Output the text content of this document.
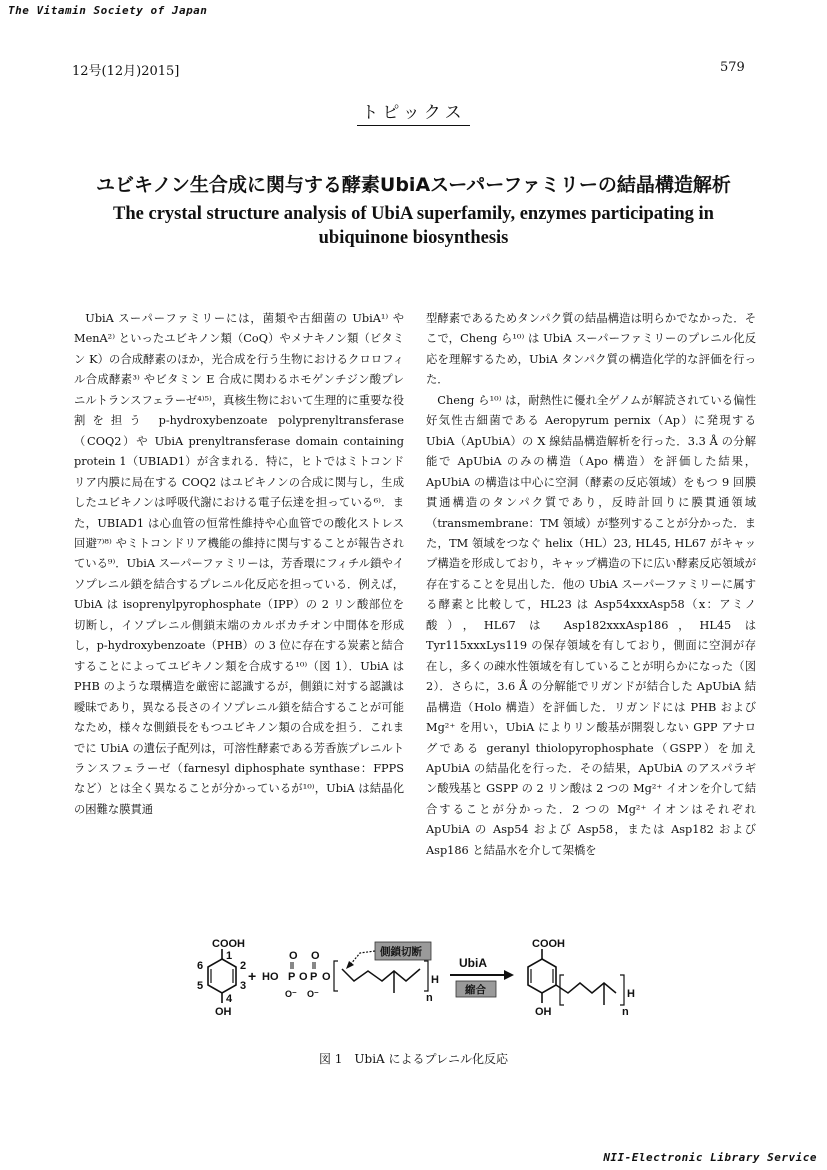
The Vitamin Society of Japan
12号(12月)2015]	579
トピックス
ユビキノン生合成に関与する酵素UbiAスーパーファミリーの結晶構造解析
The crystal structure analysis of UbiA superfamily, enzymes participating in ubiquinone biosynthesis

UbiA スーパーファミリーには，菌類や古細菌の UbiA¹⁾ や MenA²⁾ といったユビキノン類（CoQ）やメナキノン類（ビタミン K）の合成酵素のほか，光合成を行う生物におけるクロロフィル合成酵素³⁾ やビタミン E 合成に関わるホモゲンチジン酸プレニルトランスフェラーゼ⁴⁾⁵⁾，真核生物において生理的に重要な役割を担う p-hydroxybenzoate polyprenyltransferase（COQ2）や UbiA prenyltransferase domain containing protein 1（UBIAD1）が含まれる．特に，ヒトではミトコンドリア内膜に局在する COQ2 はユビキノンの合成に関与し，生成したユビキノンは呼吸代謝における電子伝達を担っている⁶⁾．また，UBIAD1 は心血管の恒常性維持や心血管での酸化ストレス回避⁷⁾⁸⁾ やミトコンドリア機能の維持に関与することが報告されている⁹⁾．UbiA スーパーファミリーは，芳香環にフィチル鎖やイソプレニル鎖を結合するプレニル化反応を担っている．例えば，UbiA は isoprenylpyrophosphate（IPP）の 2 リン酸部位を切断し，イソプレニル側鎖末端のカルボカチオン中間体を形成し，p-hydroxybenzoate（PHB）の 3 位に存在する炭素と結合することによってユビキノン類を合成する¹⁰⁾（図 1）．UbiA は PHB のような環構造を厳密に認識するが，側鎖に対する認識は曖昧であり，異なる長さのイソプレニル鎖を結合することが可能なため，様々な側鎖長をもつユビキノン類の合成を担う．これまでに UbiA の遺伝子配列は，可溶性酵素である芳香族プレニルトランスフェラーゼ（farnesyl diphosphate synthase：FPPS など）とは全く異なることが分かっているが¹⁰⁾，UbiA は結晶化の困難な膜貫通

型酵素であるためタンパク質の結晶構造は明らかでなかった．そこで，Cheng ら¹⁰⁾ は UbiA スーパーファミリーのプレニル化反応を理解するため，UbiA タンパク質の構造化学的な評価を行った．

Cheng ら¹⁰⁾ は，耐熱性に優れ全ゲノムが解読されている偏性好気性古細菌である Aeropyrum pernix（Ap）に発現する UbiA（ApUbiA）の X 線結晶構造解析を行った．3.3 Å の分解能で ApUbiA のみの構造（Apo 構造）を評価した結果，ApUbiA の構造は中心に空洞（酵素の反応領域）をもつ 9 回膜貫通構造のタンパク質であり，反時計回りに膜貫通領域（transmembrane：TM 領域）が整列することが分かった．また，TM 領域をつなぐ helix（HL）23, HL45, HL67 がキャップ構造を形成しており，キャップ構造の下に広い酵素反応領域が存在することを見出した．他の UbiA スーパーファミリーに属する酵素と比較して，HL23 は Asp54xxxAsp58（x：アミノ酸），HL67 は Asp182xxxAsp186，HL45 は Tyr115xxxLys119 の保存領域を有しており，側面に空洞が存在し，多くの疎水性領域を有していることが明らかになった（図 2）．さらに，3.6 Å の分解能でリガンドが結合した ApUbiA 結晶構造（Holo 構造）を評価した．リガンドには PHB および Mg²⁺ を用い，UbiA によりリン酸基が開裂しない GPP アナログである geranyl thiolopyrophosphate（GSPP）を加え ApUbiA の結晶化を行った．その結果，ApUbiA のアスパラギン酸残基と GSPP の 2 リン酸は 2 つの Mg²⁺ イオンを介して結合することが分かった．2 つの Mg²⁺ イオンはそれぞれ ApUbiA の Asp54 および Asp58，または Asp182 および Asp186 と結晶水を介して架橋を

COOH
OH
1
2
3
4
5
6
+ HO P
O
O⁻
O P
O
O⁻
O	H
n
側鎖切断
UbiA
縮合
COOH
OH
H
n
図 1　UbiA によるプレニル化反応
NII-Electronic Library Service
